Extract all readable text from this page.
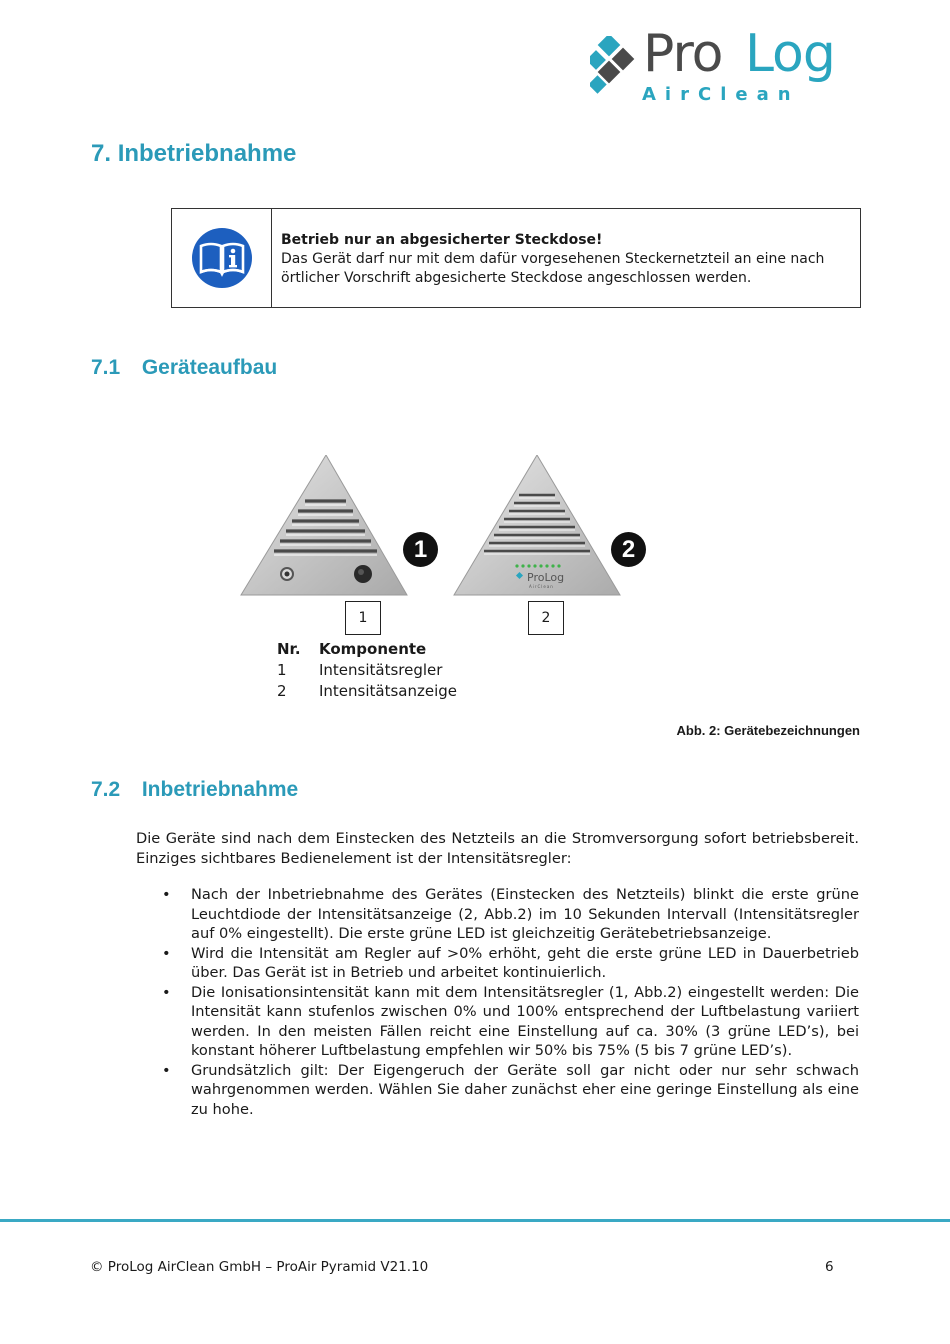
Pro Log
AirClean
7. Inbetriebnahme
Betrieb nur an abgesicherter Steckdose!
Das Gerät darf nur mit dem dafür vorgesehenen Steckernetzteil an eine nach örtlicher Vorschrift abgesicherte Steckdose angeschlossen werden.
7.1 Geräteaufbau
ProLog
AirClean
1	2
1	2
Nr.	Komponente
1	Intensitätsregler
2	Intensitätsanzeige
Abb. 2: Gerätebezeichnungen
7.2 Inbetriebnahme

Die Geräte sind nach dem Einstecken des Netzteils an die Stromversorgung sofort betriebsbereit. Einziges sichtbares Bedienelement ist der Intensitätsregler:

• Nach der Inbetriebnahme des Gerätes (Einstecken des Netzteils) blinkt die erste grüne Leuchtdiode der Intensitätsanzeige (2, Abb.2) im 10 Sekunden Intervall (Intensitätsregler auf 0% eingestellt). Die erste grüne LED ist gleichzeitig Gerätebetriebsanzeige.
• Wird die Intensität am Regler auf >0% erhöht, geht die erste grüne LED in Dauerbetrieb über. Das Gerät ist in Betrieb und arbeitet kontinuierlich.
• Die Ionisationsintensität kann mit dem Intensitätsregler (1, Abb.2) eingestellt werden: Die Intensität kann stufenlos zwischen 0% und 100% entsprechend der Luftbelastung variiert werden. In den meisten Fällen reicht eine Einstellung auf ca. 30% (3 grüne LED’s), bei konstant höherer Luftbelastung empfehlen wir 50% bis 75% (5 bis 7 grüne LED’s).
• Grundsätzlich gilt: Der Eigengeruch der Geräte soll gar nicht oder nur sehr schwach wahrgenommen werden. Wählen Sie daher zunächst eher eine geringe Einstellung als eine zu hohe.
© ProLog AirClean GmbH – ProAir Pyramid V21.10	6
